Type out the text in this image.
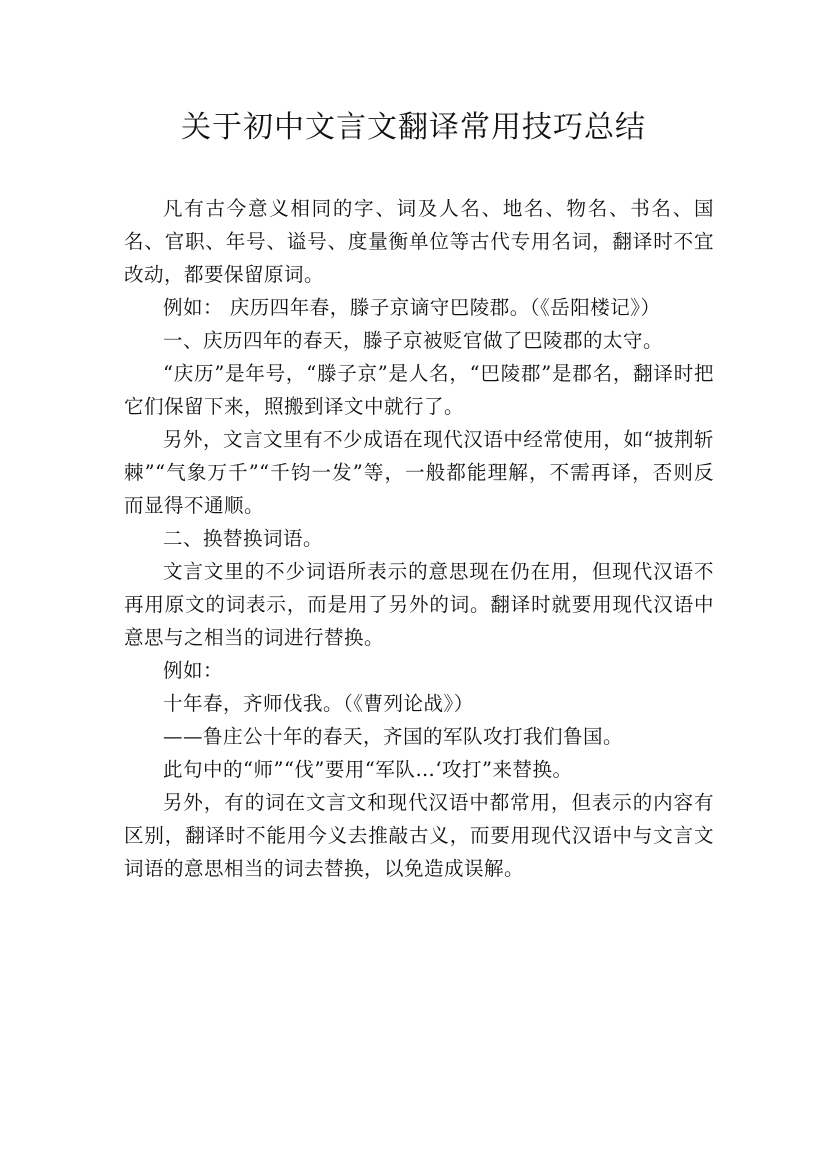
关于初中文言文翻译常用技巧总结

凡有古今意义相同的字、词及人名、地名、物名、书名、国名、官职、年号、谥号、度量衡单位等古代专用名词，翻译时不宜改动，都要保留原词。

例如： 庆历四年春，滕子京谪守巴陵郡。（《岳阳楼记》）

一、庆历四年的春天，滕子京被贬官做了巴陵郡的太守。

“庆历”是年号，“滕子京”是人名，“巴陵郡”是郡名，翻译时把它们保留下来，照搬到译文中就行了。

另外，文言文里有不少成语在现代汉语中经常使用，如“披荆斩棘”“气象万千”“千钧一发”等，一般都能理解，不需再译，否则反而显得不通顺。

二、换替换词语。

文言文里的不少词语所表示的意思现在仍在用，但现代汉语不再用原文的词表示，而是用了另外的词。翻译时就要用现代汉语中意思与之相当的词进行替换。

例如：

十年春，齐师伐我。（《曹列论战》）

——鲁庄公十年的春天，齐国的军队攻打我们鲁国。

此句中的“师”“伐”要用“军队…‘攻打”来替换。

另外，有的词在文言文和现代汉语中都常用，但表示的内容有区别，翻译时不能用今义去推敲古义，而要用现代汉语中与文言文词语的意思相当的词去替换，以免造成误解。
